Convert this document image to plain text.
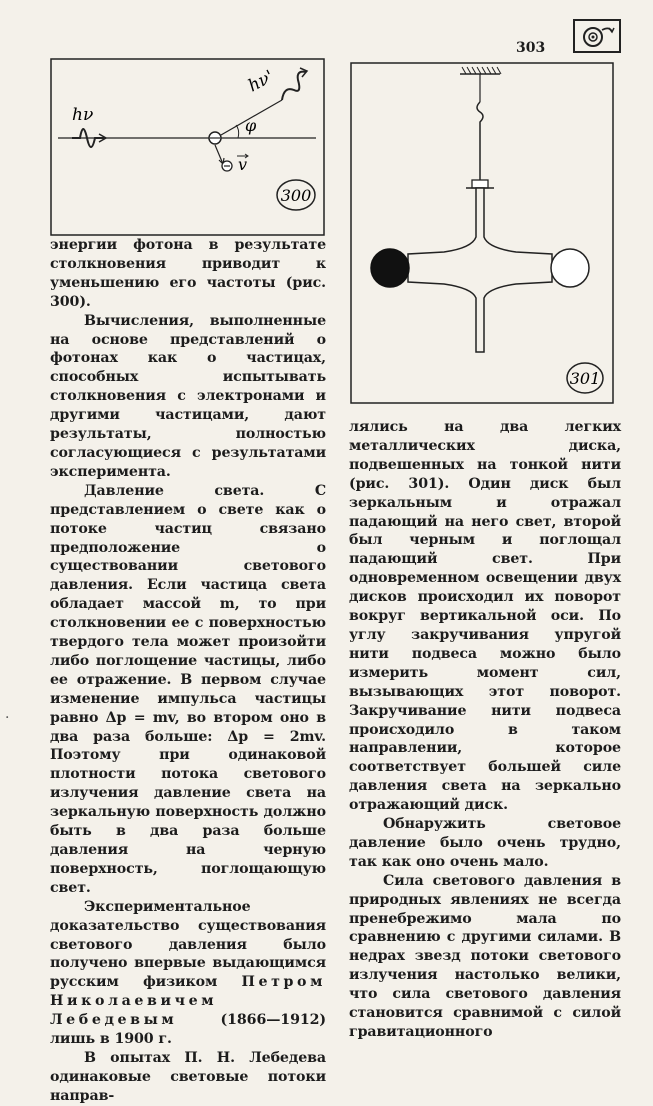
303
hν
hν'
φ
v
300
301

энергии фотона в результате столкновения приводит к уменьшению его частоты (рис. 300).

Вычисления, выполненные на основе представлений о фотонах как о частицах, способных испытывать столкновения с электронами и другими частицами, дают результаты, полностью согласующиеся с результатами эксперимента.

Давление света. С представлением о свете как о потоке частиц связано предположение о существовании светового давления. Если частица света обладает массой m, то при столкновении ее с поверхностью твердого тела может произойти либо поглощение частицы, либо ее отражение. В первом случае изменение импульса частицы равно Δp = mv, во втором оно в два раза больше: Δp = 2mv. Поэтому при одинаковой плотности потока светового излучения давление света на зеркальную поверхность должно быть в два раза больше давления на черную поверхность, поглощающую свет.

Экспериментальное доказательство существования светового давления было получено впервые выдающимся русским физиком Петром Николаевичем Лебедевым (1866—1912) лишь в 1900 г.

В опытах П. Н. Лебедева одинаковые световые потоки направ-

лялись на два легких металлических диска, подвешенных на тонкой нити (рис. 301). Один диск был зеркальным и отражал падающий на него свет, второй был черным и поглощал падающий свет. При одновременном освещении двух дисков происходил их поворот вокруг вертикальной оси. По углу закручивания упругой нити подвеса можно было измерить момент сил, вызывающих этот поворот. Закручивание нити подвеса происходило в таком направлении, которое соответствует большей силе давления света на зеркально отражающий диск.

Обнаружить световое давление было очень трудно, так как оно очень мало.

Сила светового давления в природных явлениях не всегда пренебрежимо мала по сравнению с другими силами. В недрах звезд потоки светового излучения настолько велики, что сила светового давления становится сравнимой с силой гравитационного

·
